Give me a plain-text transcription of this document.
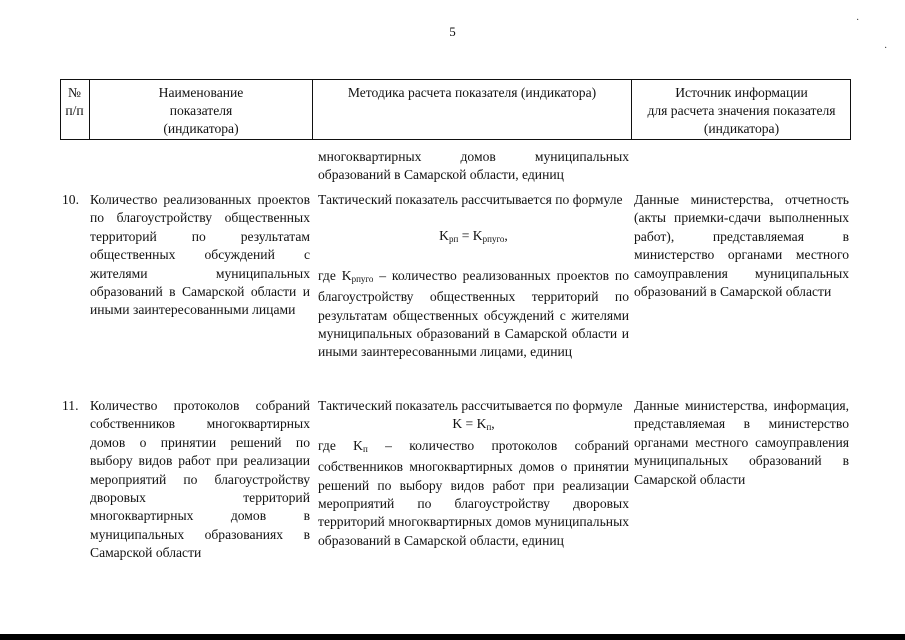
5
№
п/п
Наименование
показателя
(индикатора)
Методика расчета показателя (индикатора)	Источник информации
для расчета значения показателя
(индикатора)
многоквартирных домов муниципальных образований в Самарской области, единиц
10. Количество реализованных проектов по благоустройству общественных территорий по результатам общественных обсуждений с жителями муниципальных образований в Самарской области и иными заинтересованными лицами
Тактический показатель рассчитывается по формуле
$K_{рп} = K_{рпуго}$,
где $K_{рпуго}$ – количество реализованных проектов по благоустройству общественных территорий по результатам общественных обсуждений с жителями муниципальных образований в Самарской области и иными заинтересованными лицами, единиц
Данные министерства, отчетность (акты приемки-сдачи выполненных работ), представляемая в министерство органами местного самоуправления муниципальных образований в Самарской области
11. Количество протоколов собраний собственников многоквартирных домов о принятии решений по выбору видов работ при реализации мероприятий по благоустройству дворовых территорий многоквартирных домов в муниципальных образованиях в Самарской области
Тактический показатель рассчитывается по формуле
$K = K_п$,
где $K_п$ – количество протоколов собраний собственников многоквартирных домов о принятии решений по выбору видов работ при реализации мероприятий по благоустройству дворовых территорий многоквартирных домов муниципальных образований в Самарской области, единиц
Данные министерства, информация, представляемая в министерство органами местного самоуправления муниципальных образований в Самарской области
·
·
